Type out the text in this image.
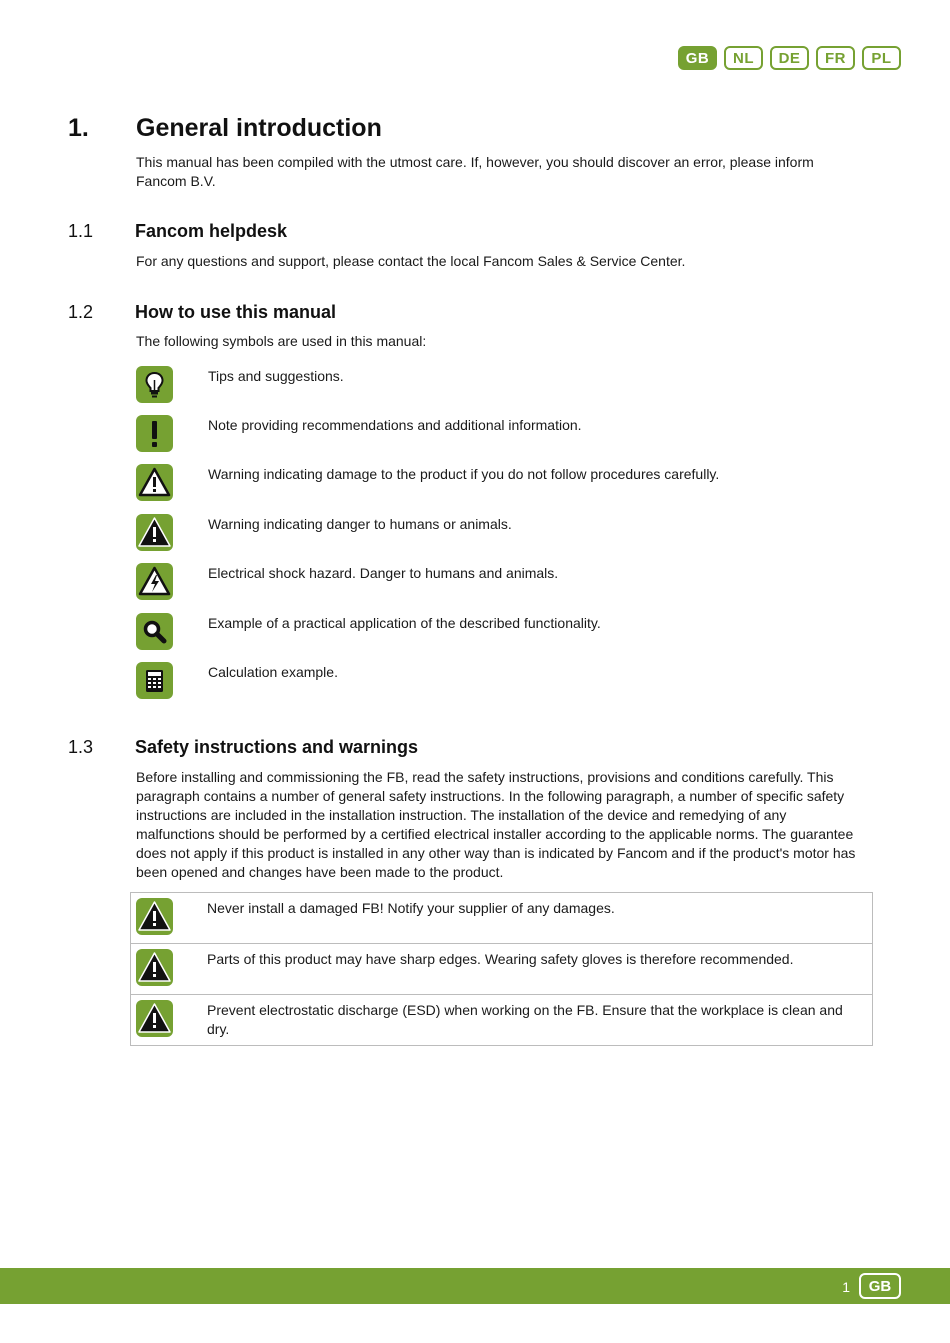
GB	NL	DE	FR	PL
1. General introduction
This manual has been compiled with the utmost care. If, however, you should discover an error, please inform Fancom B.V.
1.1 Fancom helpdesk
For any questions and support, please contact the local Fancom Sales & Service Center.
1.2 How to use this manual
The following symbols are used in this manual:
Tips and suggestions.
Note providing recommendations and additional information.
Warning indicating damage to the product if you do not follow procedures carefully.
Warning indicating danger to humans or animals.
Electrical shock hazard. Danger to humans and animals.
Example of a practical application of the described functionality.
Calculation example.
1.3 Safety instructions and warnings
Before installing and commissioning the FB, read the safety instructions, provisions and conditions carefully. This paragraph contains a number of general safety instructions. In the following paragraph, a number of specific safety instructions are included in the installation instruction. The installation of the device and remedying of any malfunctions should be performed by a certified electrical installer according to the applicable norms. The guarantee does not apply if this product is installed in any other way than is indicated by Fancom and if the product's motor has been opened and changes have been made to the product.
Never install a damaged FB! Notify your supplier of any damages.
Parts of this product may have sharp edges. Wearing safety gloves is therefore recommended.
Prevent electrostatic discharge (ESD) when working on the FB. Ensure that the workplace is clean and dry.
1	GB
